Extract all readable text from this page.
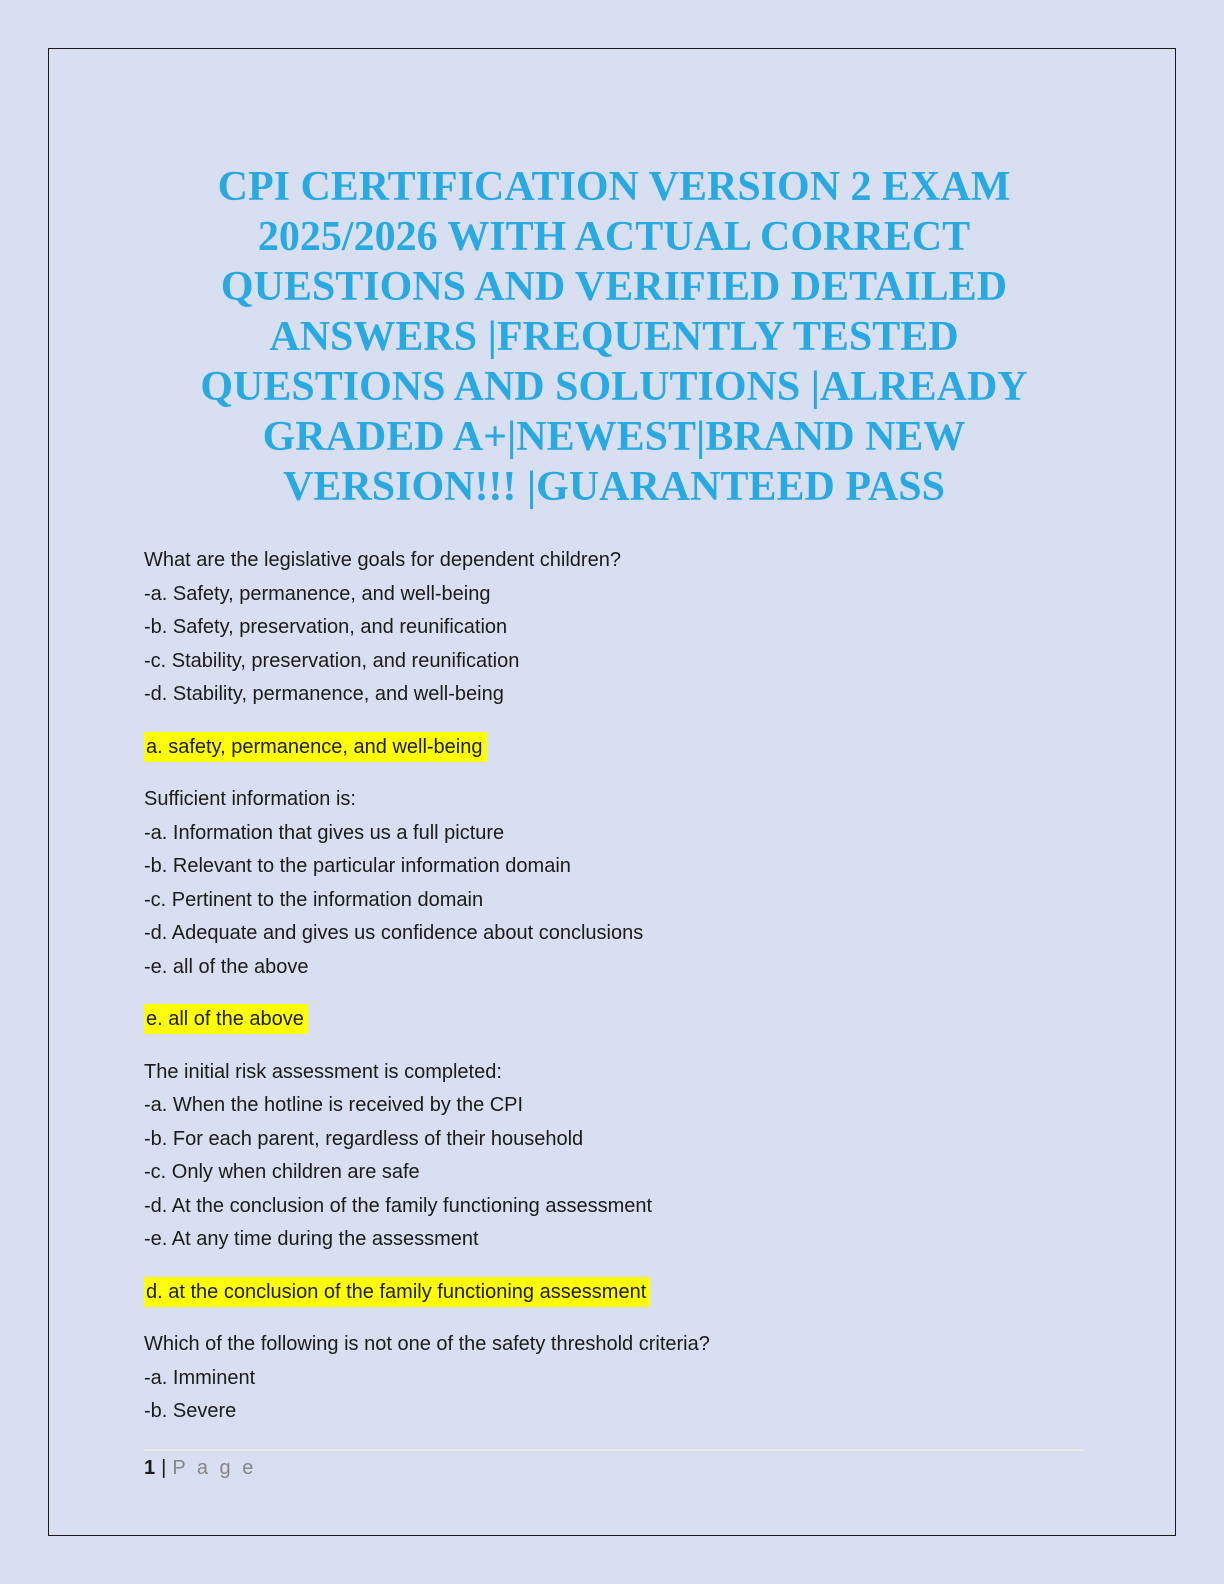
CPI CERTIFICATION VERSION 2 EXAM
2025/2026 WITH ACTUAL CORRECT
QUESTIONS AND VERIFIED DETAILED
ANSWERS |FREQUENTLY TESTED
QUESTIONS AND SOLUTIONS |ALREADY
GRADED A+|NEWEST|BRAND NEW
VERSION!!! |GUARANTEED PASS
What are the legislative goals for dependent children?
-a. Safety, permanence, and well-being
-b. Safety, preservation, and reunification
-c. Stability, preservation, and reunification
-d. Stability, permanence, and well-being
a. safety, permanence, and well-being
Sufficient information is:
-a. Information that gives us a full picture
-b. Relevant to the particular information domain
-c. Pertinent to the information domain
-d. Adequate and gives us confidence about conclusions
-e. all of the above
e. all of the above
The initial risk assessment is completed:
-a. When the hotline is received by the CPI
-b. For each parent, regardless of their household
-c. Only when children are safe
-d. At the conclusion of the family functioning assessment
-e. At any time during the assessment
d. at the conclusion of the family functioning assessment
Which of the following is not one of the safety threshold criteria?
-a. Imminent
-b. Severe
1 | P a g e
